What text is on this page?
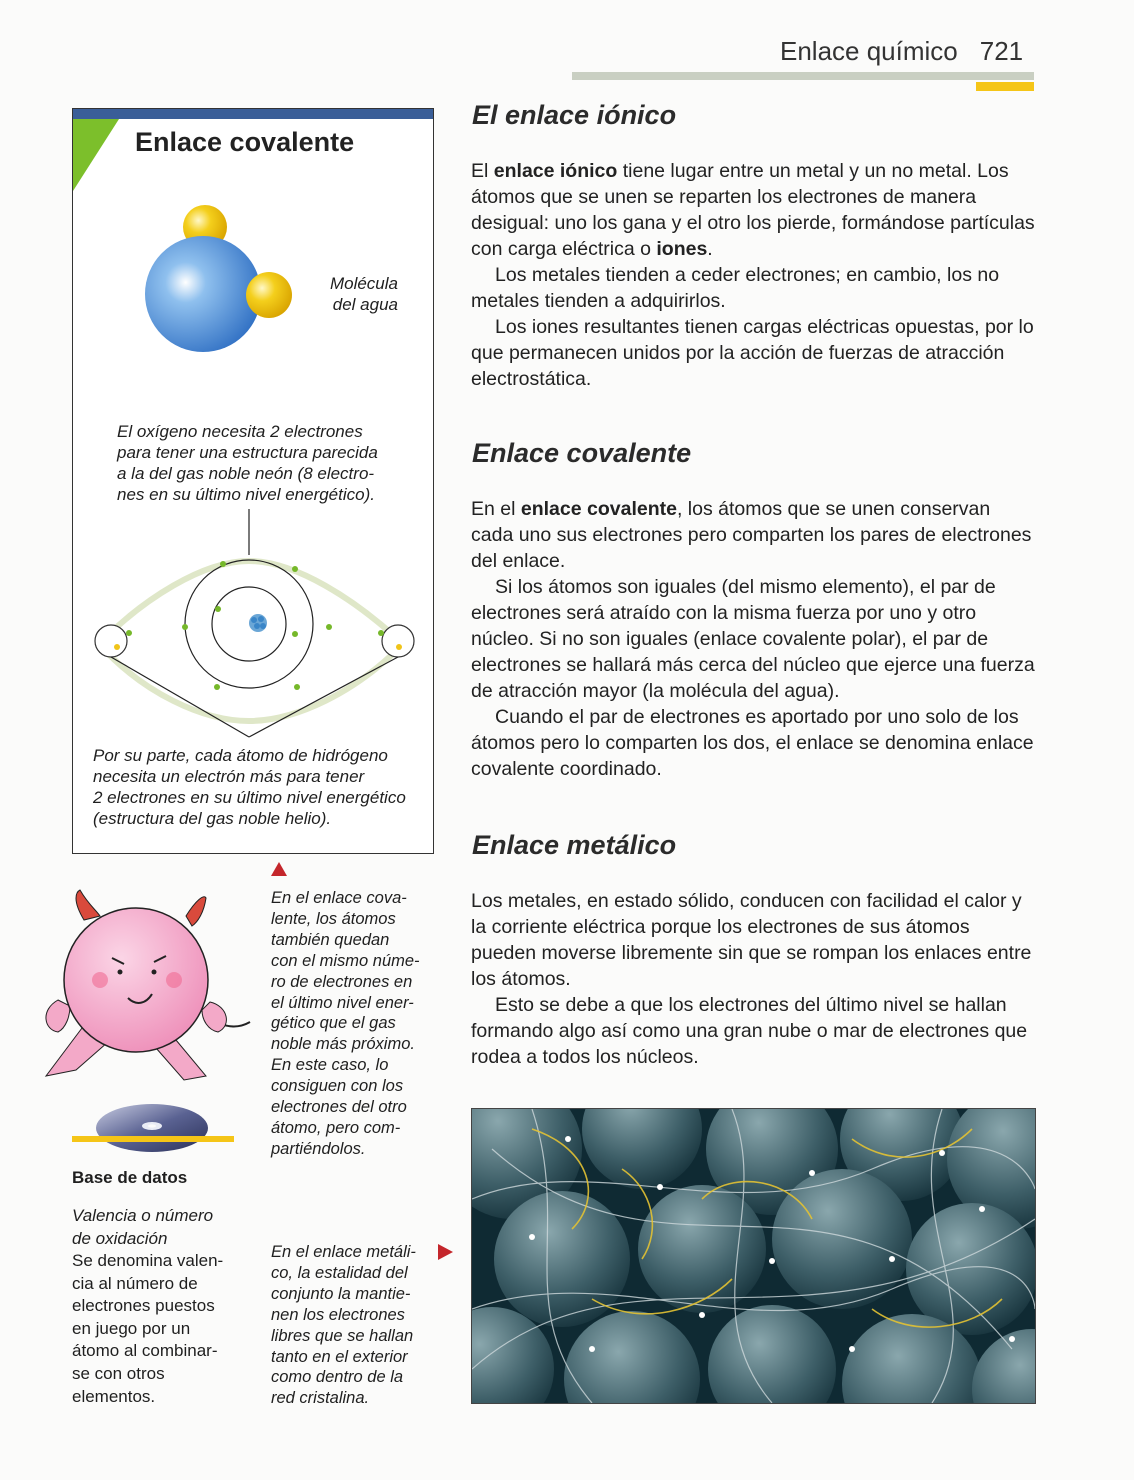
Enlace químico 721
Enlace covalente
Molécula
del agua
El oxígeno necesita 2 electrones
para tener una estructura parecida
a la del gas noble neón (8 electro-
nes en su último nivel energético).
Por su parte, cada átomo de hidrógeno
necesita un electrón más para tener
2 electrones en su último nivel energético
(estructura del gas noble helio).
Base de datos
Valencia o número
de oxidación
Se denomina valen-
cia al número de
electrones puestos
en juego por un
átomo al combinar-
se con otros
elementos.
En el enlace cova-
lente, los átomos
también quedan
con el mismo núme-
ro de electrones en
el último nivel ener-
gético que el gas
noble más próximo.
En este caso, lo
consiguen con los
electrones del otro
átomo, pero com-
partiéndolos.
En el enlace metáli-
co, la estalidad del
conjunto la mantie-
nen los electrones
libres que se hallan
tanto en el exterior
como dentro de la
red cristalina.
El enlace iónico

El enlace iónico tiene lugar entre un metal y un no metal. Los átomos que se unen se reparten los electrones de manera desigual: uno los gana y el otro los pierde, formándose partículas con carga eléctrica o iones.

Los metales tienden a ceder electrones; en cambio, los no metales tienden a adquirirlos.

Los iones resultantes tienen cargas eléctricas opuestas, por lo que permanecen unidos por la acción de fuerzas de atracción electrostática.

Enlace covalente

En el enlace covalente, los átomos que se unen conservan cada uno sus electrones pero comparten los pares de electrones del enlace.

Si los átomos son iguales (del mismo elemento), el par de electrones será atraído con la misma fuerza por uno y otro núcleo. Si no son iguales (enlace covalente polar), el par de electrones se hallará más cerca del núcleo que ejerce una fuerza de atracción mayor (la molécula del agua).

Cuando el par de electrones es aportado por uno solo de los átomos pero lo comparten los dos, el enlace se denomina enlace covalente coordinado.

Enlace metálico

Los metales, en estado sólido, conducen con facilidad el calor y la corriente eléctrica porque los electrones de sus átomos pueden moverse libremente sin que se rompan los enlaces entre los átomos.

Esto se debe a que los electrones del último nivel se hallan formando algo así como una gran nube o mar de electrones que rodea a todos los núcleos.
